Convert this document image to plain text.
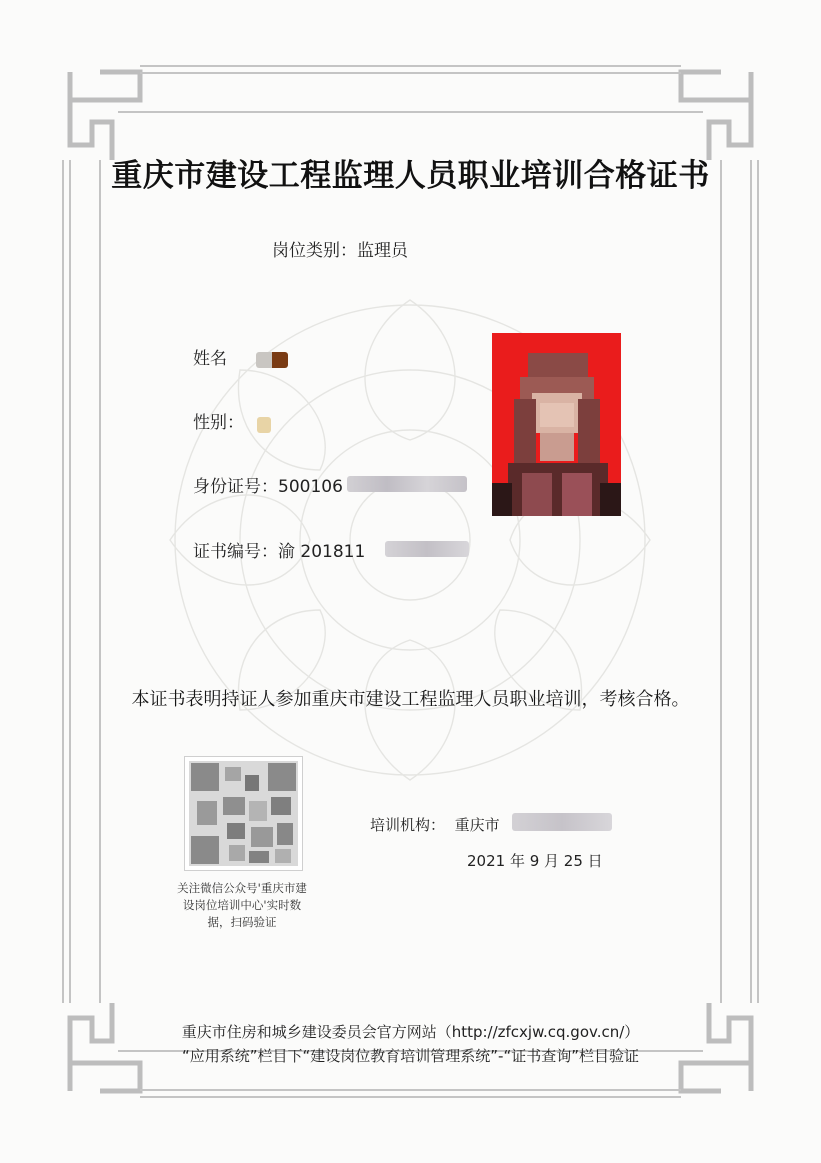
重庆市建设工程监理人员职业培训合格证书
岗位类别：监理员
姓名
性别：
身份证号：500106
证书编号：渝 201811
本证书表明持证人参加重庆市建设工程监理人员职业培训，考核合格。
关注微信公众号'重庆市建设岗位培训中心'实时数据，扫码验证
培训机构： 重庆市
2021 年 9 月 25 日
重庆市住房和城乡建设委员会官方网站（http://zfcxjw.cq.gov.cn/）
“应用系统”栏目下“建设岗位教育培训管理系统”-“证书查询”栏目验证
